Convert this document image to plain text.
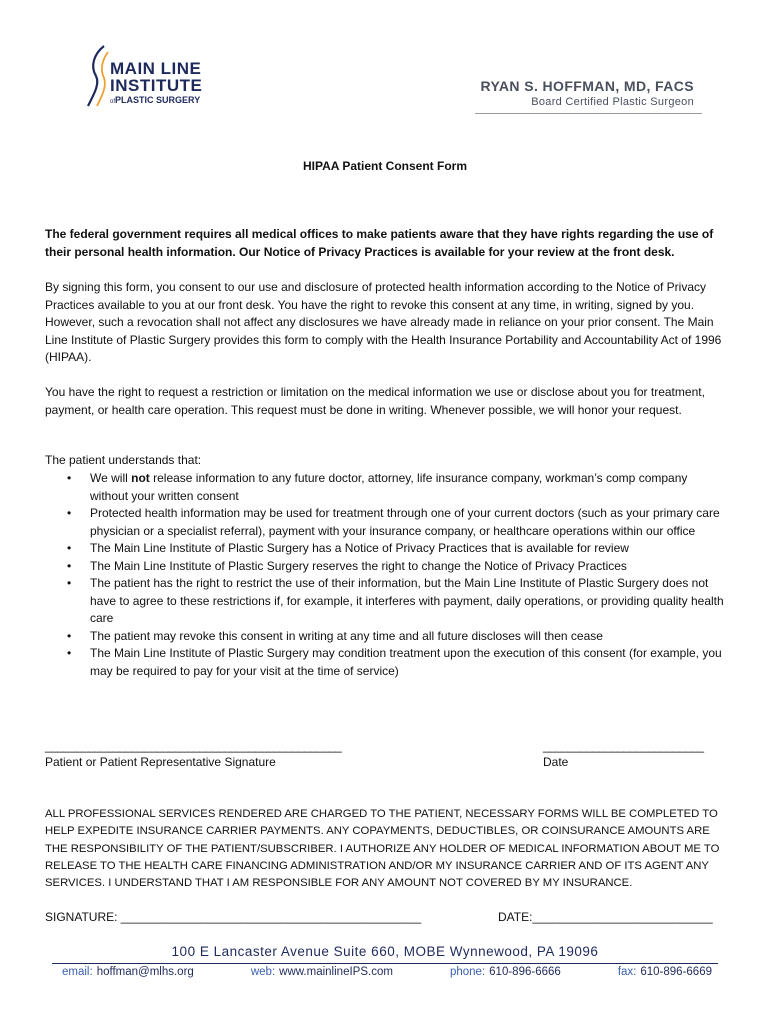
MAIN LINE
INSTITUTE
ofPLASTIC SURGERY
RYAN S. HOFFMAN, MD, FACS
Board Certified Plastic Surgeon
HIPAA Patient Consent Form
The federal government requires all medical offices to make patients aware that they have rights regarding the use of their personal health information. Our Notice of Privacy Practices is available for your review at the front desk.
By signing this form, you consent to our use and disclosure of protected health information according to the Notice of Privacy Practices available to you at our front desk. You have the right to revoke this consent at any time, in writing, signed by you. However, such a revocation shall not affect any disclosures we have already made in reliance on your prior consent. The Main Line Institute of Plastic Surgery provides this form to comply with the Health Insurance Portability and Accountability Act of 1996 (HIPAA).
You have the right to request a restriction or limitation on the medical information we use or disclose about you for treatment, payment, or health care operation. This request must be done in writing. Whenever possible, we will honor your request.
The patient understands that:
• We will not release information to any future doctor, attorney, life insurance company, workman’s comp company without your written consent
• Protected health information may be used for treatment through one of your current doctors (such as your primary care physician or a specialist referral), payment with your insurance company, or healthcare operations within our office
• The Main Line Institute of Plastic Surgery has a Notice of Privacy Practices that is available for review
• The Main Line Institute of Plastic Surgery reserves the right to change the Notice of Privacy Practices
• The patient has the right to restrict the use of their information, but the Main Line Institute of Plastic Surgery does not have to agree to these restrictions if, for example, it interferes with payment, daily operations, or providing quality health care
• The patient may revoke this consent in writing at any time and all future discloses will then cease
• The Main Line Institute of Plastic Surgery may condition treatment upon the execution of this consent (for example, you may be required to pay for your visit at the time of service)
________________________________________________	__________________________
Patient or Patient Representative Signature	Date
ALL PROFESSIONAL SERVICES RENDERED ARE CHARGED TO THE PATIENT, NECESSARY FORMS WILL BE COMPLETED TO HELP EXPEDITE INSURANCE CARRIER PAYMENTS. ANY COPAYMENTS, DEDUCTIBLES, OR COINSURANCE AMOUNTS ARE THE RESPONSIBILITY OF THE PATIENT/SUBSCRIBER. I AUTHORIZE ANY HOLDER OF MEDICAL INFORMATION ABOUT ME TO RELEASE TO THE HEALTH CARE FINANCING ADMINISTRATION AND/OR MY INSURANCE CARRIER AND OF ITS AGENT ANY SERVICES. I UNDERSTAND THAT I AM RESPONSIBLE FOR ANY AMOUNT NOT COVERED BY MY INSURANCE.
SIGNATURE: _____________________________________________	DATE:___________________________
100 E Lancaster Avenue Suite 660, MOBE Wynnewood, PA 19096
email: hoffman@mlhs.org	web: www.mainlineIPS.com	phone: 610-896-6666	fax: 610-896-6669
